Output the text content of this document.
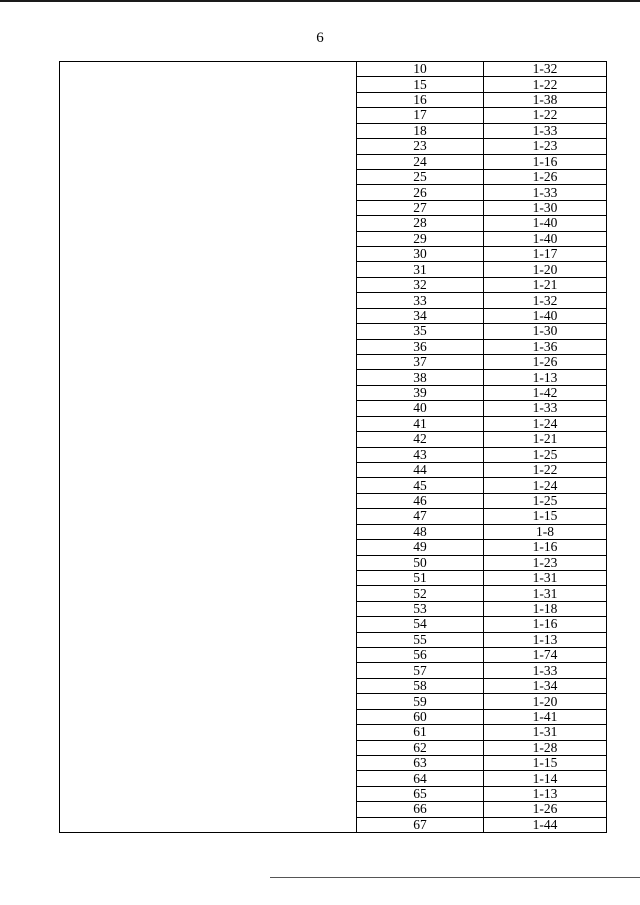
6
	10	1-32
	15	1-22
	16	1-38
	17	1-22
	18	1-33
	23	1-23
	24	1-16
	25	1-26
	26	1-33
	27	1-30
	28	1-40
	29	1-40
	30	1-17
	31	1-20
	32	1-21
	33	1-32
	34	1-40
	35	1-30
	36	1-36
	37	1-26
	38	1-13
	39	1-42
	40	1-33
	41	1-24
	42	1-21
	43	1-25
	44	1-22
	45	1-24
	46	1-25
	47	1-15
	48	1-8
	49	1-16
	50	1-23
	51	1-31
	52	1-31
	53	1-18
	54	1-16
	55	1-13
	56	1-74
	57	1-33
	58	1-34
	59	1-20
	60	1-41
	61	1-31
	62	1-28
	63	1-15
	64	1-14
	65	1-13
	66	1-26
	67	1-44
